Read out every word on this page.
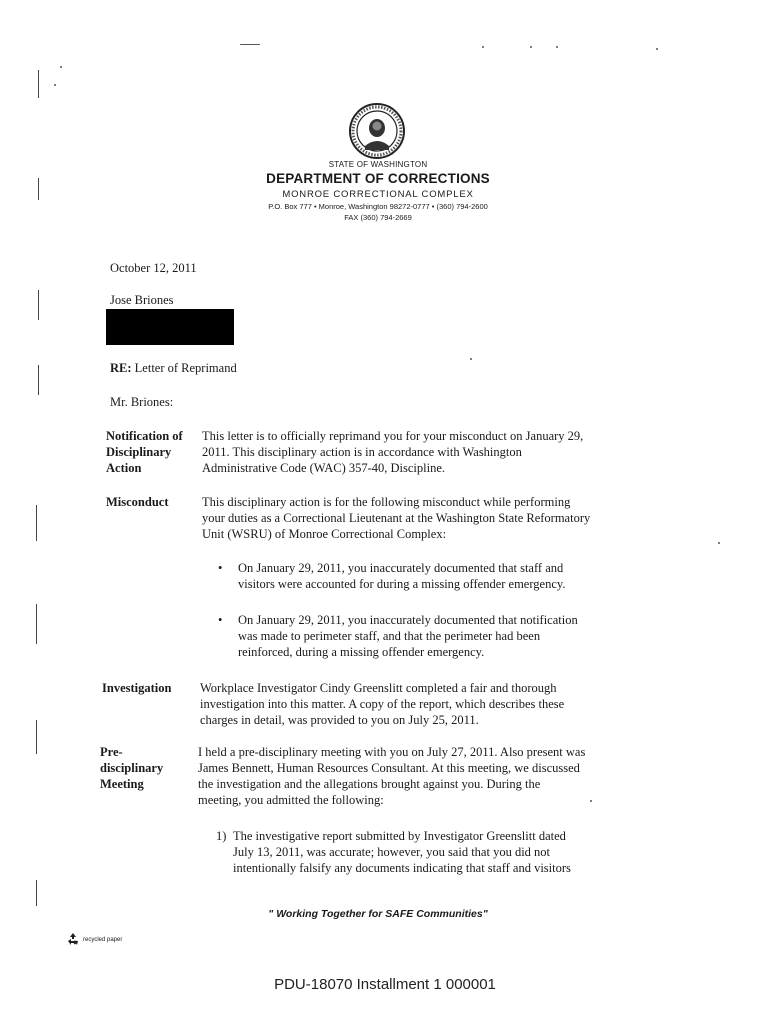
STATE OF WASHINGTON
DEPARTMENT OF CORRECTIONS
MONROE CORRECTIONAL COMPLEX
P.O. Box 777 • Monroe, Washington 98272-0777 • (360) 794-2600
FAX (360) 794-2669
October 12, 2011
Jose Briones
RE: Letter of Reprimand
Mr. Briones:
Notification of
Disciplinary
Action
This letter is to officially reprimand you for your misconduct on January 29,
2011. This disciplinary action is in accordance with Washington
Administrative Code (WAC) 357-40, Discipline.
Misconduct	This disciplinary action is for the following misconduct while performing
your duties as a Correctional Lieutenant at the Washington State Reformatory
Unit (WSRU) of Monroe Correctional Complex:
•	On January 29, 2011, you inaccurately documented that staff and
visitors were accounted for during a missing offender emergency.
•	On January 29, 2011, you inaccurately documented that notification
was made to perimeter staff, and that the perimeter had been
reinforced, during a missing offender emergency.
Investigation Workplace Investigator Cindy Greenslitt completed a fair and thorough
investigation into this matter. A copy of the report, which describes these
charges in detail, was provided to you on July 25, 2011.
Pre-
disciplinary
Meeting
I held a pre-disciplinary meeting with you on July 27, 2011. Also present was
James Bennett, Human Resources Consultant. At this meeting, we discussed
the investigation and the allegations brought against you. During the
meeting, you admitted the following:
1) The investigative report submitted by Investigator Greenslitt dated
July 13, 2011, was accurate; however, you said that you did not
intentionally falsify any documents indicating that staff and visitors
" Working Together for SAFE Communities"
recycled paper
PDU-18070 Installment 1 000001
